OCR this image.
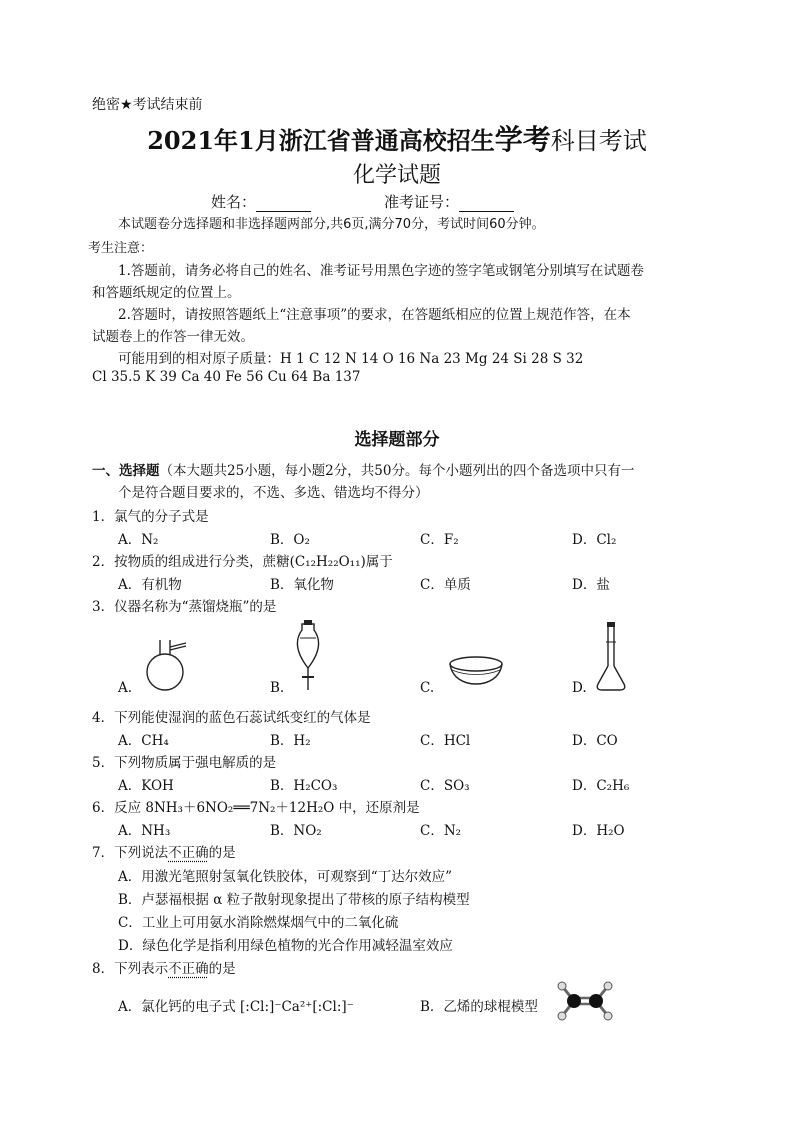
绝密★考试结束前
2021年1月浙江省普通高校招生学考科目考试
化学试题
姓名：	准考证号：
本试题卷分选择题和非选择题两部分,共6页,满分70分，考试时间60分钟。
考生注意：
1.答题前，请务必将自己的姓名、准考证号用黑色字迹的签字笔或钢笔分别填写在试题卷
和答题纸规定的位置上。
2.答题时，请按照答题纸上“注意事项”的要求，在答题纸相应的位置上规范作答，在本
试题卷上的作答一律无效。
可能用到的相对原子质量：H 1 C 12 N 14 O 16 Na 23 Mg 24 Si 28 S 32
Cl 35.5 K 39 Ca 40 Fe 56 Cu 64 Ba 137
选择题部分
一、选择题（本大题共25小题，每小题2分，共50分。每个小题列出的四个备选项中只有一
个是符合题目要求的，不选、多选、错选均不得分）
1．氯气的分子式是
A．N₂	B．O₂	C．F₂	D．Cl₂
2．按物质的组成进行分类，蔗糖(C₁₂H₂₂O₁₁)属于
A．有机物	B．氧化物	C．单质	D．盐
3．仪器名称为“蒸馏烧瓶”的是
A.	B.	C.	D.
4．下列能使湿润的蓝色石蕊试纸变红的气体是
A．CH₄	B．H₂	C．HCl	D．CO
5．下列物质属于强电解质的是
A．KOH	B．H₂CO₃	C．SO₃	D．C₂H₆
6．反应 8NH₃＋6NO₂══7N₂＋12H₂O 中，还原剂是
A．NH₃	B．NO₂	C．N₂	D．H₂O
7．下列说法不正确的是
A．用激光笔照射氢氧化铁胶体，可观察到“丁达尔效应”
B．卢瑟福根据 α 粒子散射现象提出了带核的原子结构模型
C．工业上可用氨水消除燃煤烟气中的二氧化硫
D．绿色化学是指利用绿色植物的光合作用减轻温室效应
8．下列表示不正确的是
A．氯化钙的电子式 [:Cl:]⁻Ca²⁺[:Cl:]⁻	B．乙烯的球棍模型
